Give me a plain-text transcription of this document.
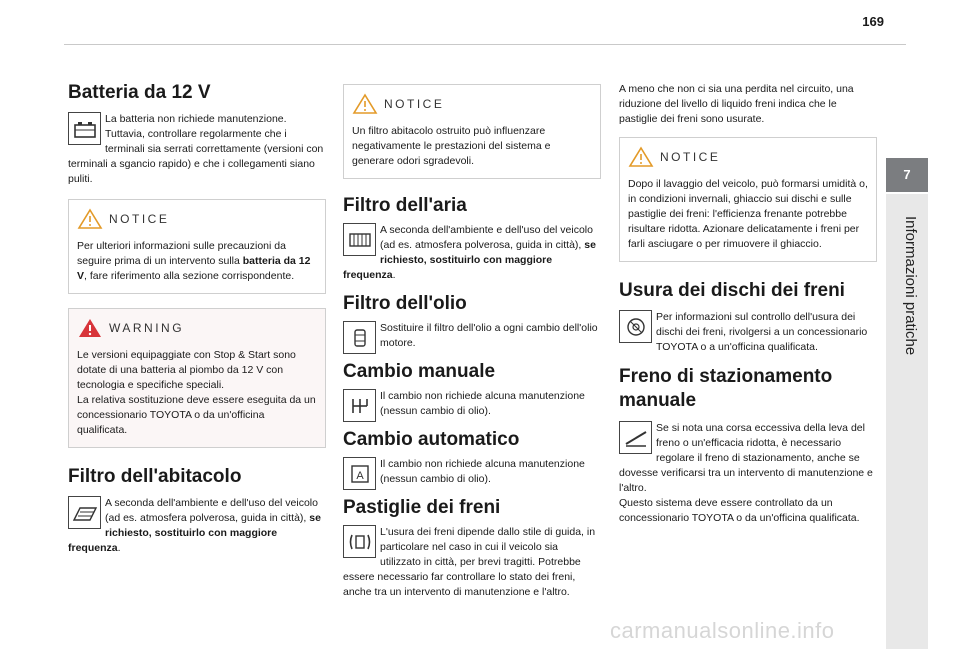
169
7
Informazioni pratiche
Batteria da 12 V

La batteria non richiede manutenzione. Tuttavia, controllare regolarmente che i terminali sia serrati correttamente (versioni con terminali a sgancio rapido) e che i collegamenti siano puliti.

NOTICE

Per ulteriori informazioni sulle precauzioni da seguire prima di un intervento sulla batteria da 12 V, fare riferimento alla sezione corrispondente.

WARNING

Le versioni equipaggiate con Stop & Start sono dotate di una batteria al piombo da 12 V con tecnologia e specifiche speciali.

La relativa sostituzione deve essere eseguita da un concessionario TOYOTA o da un'officina qualificata.

Filtro dell'abitacolo

A seconda dell'ambiente e dell'uso del veicolo (ad es. atmosfera polverosa, guida in città), se richiesto, sostituirlo con maggiore frequenza.

NOTICE

Un filtro abitacolo ostruito può influenzare negativamente le prestazioni del sistema e generare odori sgradevoli.

Filtro dell'aria

A seconda dell'ambiente e dell'uso del veicolo (ad es. atmosfera polverosa, guida in città), se richiesto, sostituirlo con maggiore frequenza.

Filtro dell'olio

Sostituire il filtro dell'olio a ogni cambio dell'olio motore.

Cambio manuale

Il cambio non richiede alcuna manutenzione (nessun cambio di olio).

Cambio automatico
A

Il cambio non richiede alcuna manutenzione (nessun cambio di olio).

Pastiglie dei freni

L'usura dei freni dipende dallo stile di guida, in particolare nel caso in cui il veicolo sia utilizzato in città, per brevi tragitti. Potrebbe essere necessario far controllare lo stato dei freni, anche tra un intervento di manutenzione e l'altro.

A meno che non ci sia una perdita nel circuito, una riduzione del livello di liquido freni indica che le pastiglie dei freni sono usurate.

NOTICE

Dopo il lavaggio del veicolo, può formarsi umidità o, in condizioni invernali, ghiaccio sui dischi e sulle pastiglie dei freni: l'efficienza frenante potrebbe risultare ridotta. Azionare delicatamente i freni per farli asciugare o per rimuovere il ghiaccio.

Usura dei dischi dei freni

Per informazioni sul controllo dell'usura dei dischi dei freni, rivolgersi a un concessionario TOYOTA o a un'officina qualificata.

Freno di stazionamento manuale

Se si nota una corsa eccessiva della leva del freno o un'efficacia ridotta, è necessario regolare il freno di stazionamento, anche se dovesse verificarsi tra un intervento di manutenzione e l'altro.

Questo sistema deve essere controllato da un concessionario TOYOTA o da un'officina qualificata.

carmanualsonline.info
